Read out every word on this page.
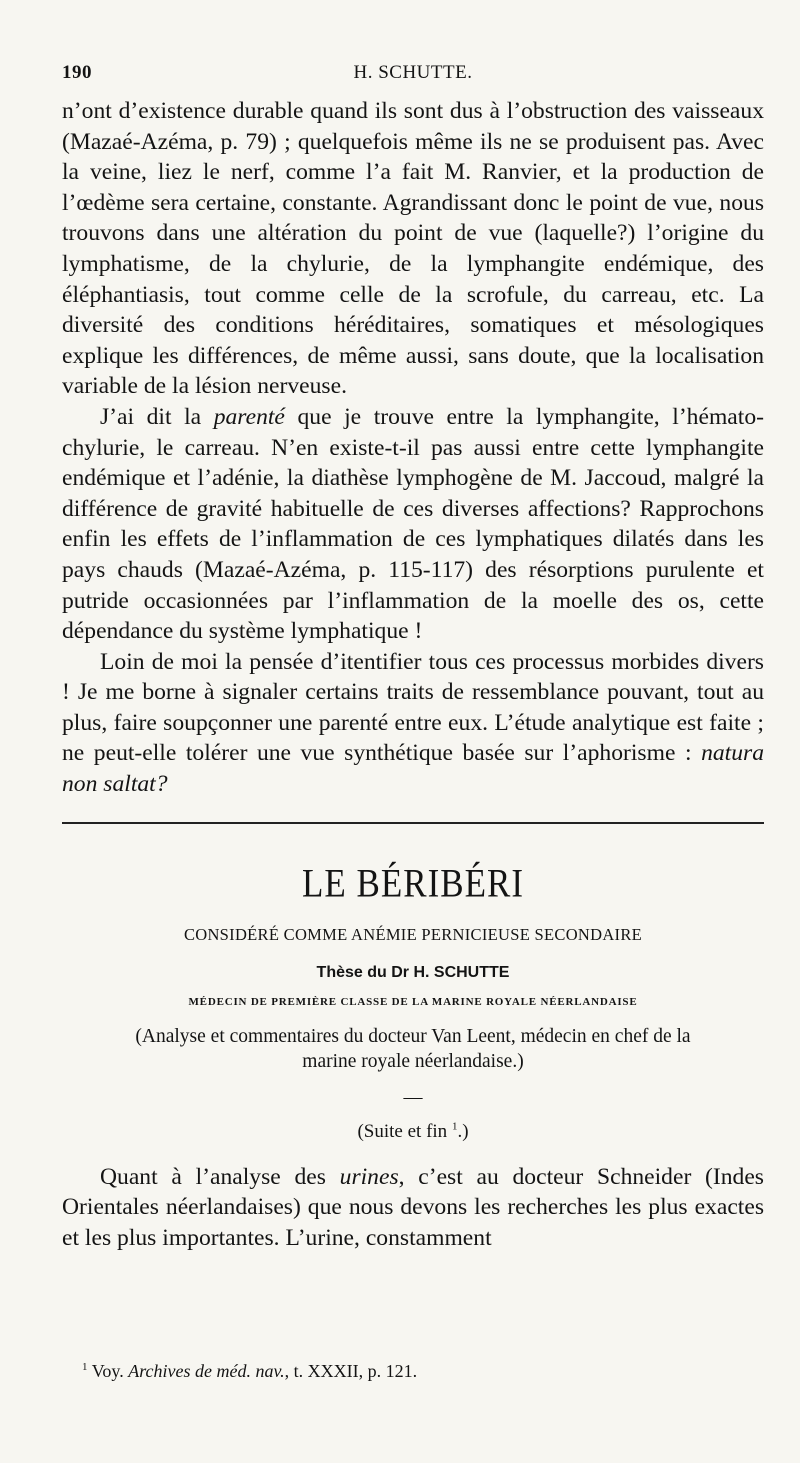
190	H. SCHUTTE.

n’ont d’existence durable quand ils sont dus à l’obstruction des vaisseaux (Mazaé-Azéma, p. 79) ; quelquefois même ils ne se produisent pas. Avec la veine, liez le nerf, comme l’a fait M. Ranvier, et la production de l’œdème sera certaine, constante. Agrandissant donc le point de vue, nous trouvons dans une altération du point de vue (laquelle?) l’origine du lymphatisme, de la chylurie, de la lymphangite endémique, des éléphantiasis, tout comme celle de la scrofule, du carreau, etc. La diversité des conditions héréditaires, somatiques et mésologiques explique les différences, de même aussi, sans doute, que la localisation variable de la lésion nerveuse.

J’ai dit la parenté que je trouve entre la lymphangite, l’hémato-chylurie, le carreau. N’en existe-t-il pas aussi entre cette lymphangite endémique et l’adénie, la diathèse lymphogène de M. Jaccoud, malgré la différence de gravité habituelle de ces diverses affections? Rapprochons enfin les effets de l’inflammation de ces lymphatiques dilatés dans les pays chauds (Mazaé-Azéma, p. 115-117) des résorptions purulente et putride occasionnées par l’inflammation de la moelle des os, cette dépendance du système lymphatique !

Loin de moi la pensée d’itentifier tous ces processus morbides divers ! Je me borne à signaler certains traits de ressemblance pouvant, tout au plus, faire soupçonner une parenté entre eux. L’étude analytique est faite ; ne peut-elle tolérer une vue synthétique basée sur l’aphorisme : natura non saltat?

LE BÉRIBÉRI
CONSIDÉRÉ COMME ANÉMIE PERNICIEUSE SECONDAIRE
Thèse du Dr H. SCHUTTE
MÉDECIN DE PREMIÈRE CLASSE DE LA MARINE ROYALE NÉERLANDAISE
(Analyse et commentaires du docteur Van Leent, médecin en chef de la marine royale néerlandaise.)
—
(Suite et fin $^1$.)

Quant à l’analyse des urines, c’est au docteur Schneider (Indes Orientales néerlandaises) que nous devons les recherches les plus exactes et les plus importantes. L’urine, constamment

$^1$ Voy. Archives de méd. nav., t. XXXII, p. 121.
